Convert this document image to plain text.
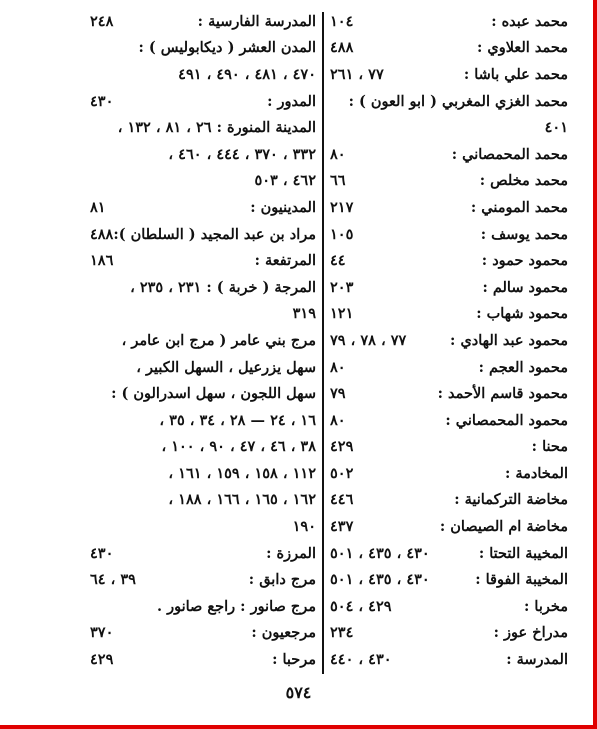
محمد عبده :
١٠٤
محمد العلاوي :
٤٨٨
محمد علي باشا :
٧٧ ، ٢٦١
محمد الغزي المغربي ( ابو العون ) :
٤٠١
محمد المحمصاني :
٨٠
محمد مخلص :
٦٦
محمد المومني :
٢١٧
محمد يوسف :
١٠٥
محمود حمود :
٤٤
محمود سالم :
٢٠٣
محمود شهاب :
١٢١
محمود عبد الهادي :
٧٧ ، ٧٨ ، ٧٩
محمود العجم :
٨٠
محمود قاسم الأحمد :
٧٩
محمود المحمصاني :
٨٠
محنا :
٤٢٩
المخادمة :
٥٠٢
مخاضة التركمانية :
٤٤٦
مخاضة ام الصيصان :
٤٣٧
المخيبة التحتا :
٤٣٠ ، ٤٣٥ ، ٥٠١
المخيبة الفوقا :
٤٣٠ ، ٤٣٥ ، ٥٠١
مخربا :
٤٢٩ ، ٥٠٤
مدراخ عوز :
٢٣٤
المدرسة :
٤٣٠ ، ٤٤٠
المدرسة الفارسية :
٢٤٨
المدن العشر ( ديكابوليس ) :
٤٧٠ ، ٤٨١ ، ٤٩٠ ، ٤٩١
المدور :
٤٣٠
المدينة المنورة : ٢٦ ، ٨١ ، ١٣٢ ،
٣٣٢ ، ٣٧٠ ، ٤٤٤ ، ٤٦٠ ،
٤٦٢ ، ٥٠٣
المدينيون :
٨١
مراد بن عبد المجيد ( السلطان ):
٤٨٨
المرتفعة :
١٨٦
المرجة ( خربة ) : ٢٣١ ، ٢٣٥ ،
٣١٩
مرج بني عامر ( مرج ابن عامر ،
سهل يزرعيل ، السهل الكبير ،
سهل اللجون ، سهل اسدرالون ) :
١٦ ، ٢٤ — ٢٨ ، ٣٤ ، ٣٥ ،
٣٨ ، ٤٦ ، ٤٧ ، ٩٠ ، ١٠٠ ،
١١٢ ، ١٥٨ ، ١٥٩ ، ١٦١ ،
١٦٢ ، ١٦٥ ، ١٦٦ ، ١٨٨ ،
١٩٠
المرزة :
٤٣٠
مرج دابق :
٣٩ ، ٦٤
مرج صانور : راجع صانور .
مرجعيون :
٣٧٠
مرحبا :
٤٢٩
٥٧٤
